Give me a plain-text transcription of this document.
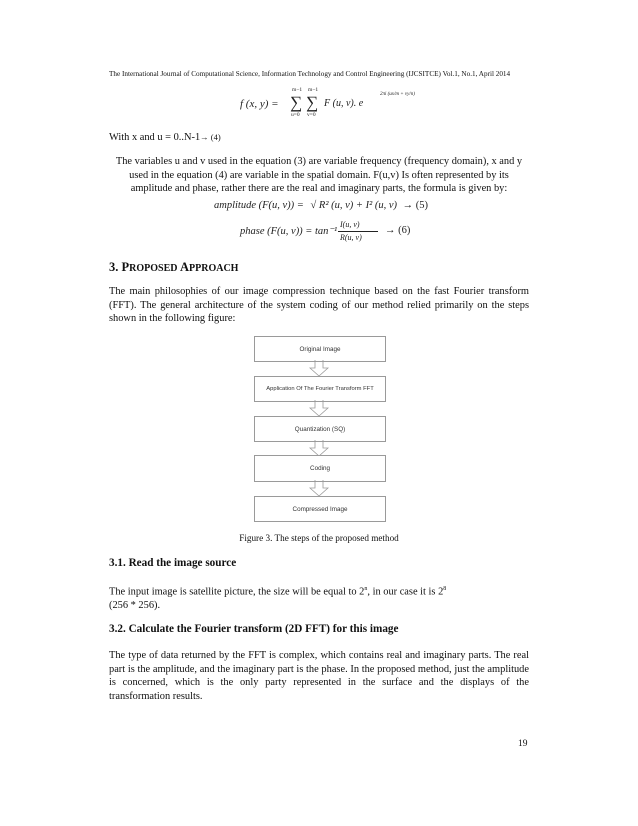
The International Journal of Computational Science, Information Technology and Control Engineering (IJCSITCE) Vol.1, No.1, April 2014
f (x, y) =
m−1
∑
u=0
m−1
∑
v=0
F (u, v). e
2πi (ux/m + vy/n)
With x and u = 0..N-1→ (4)
The variables u and v used in the equation (3) are variable frequency (frequency domain), x and y used in the equation (4) are variable in the spatial domain. F(u,v) Is often represented by its amplitude and phase, rather there are the real and imaginary parts, the formula is given by:
amplitude (F(u, v)) = √ R² (u, v) + I² (u, v) → (5)
phase (F(u, v)) = tan⁻¹
I(u, v)
R(u, v)
→ (6)
3. PROPOSED APPROACH
The main philosophies of our image compression technique based on the fast Fourier transform (FFT). The general architecture of the system coding of our method relied primarily on the steps shown in the following figure:
Original Image
Application Of The Fourier Transform FFT
Quantization (SQ)
Coding
Compressed Image
Figure 3. The steps of the proposed method
3.1. Read the image source
The input image is satellite picture, the size will be equal to 2$^n$, in our case it is $2^8$
(256 * 256).
3.2. Calculate the Fourier transform (2D FFT) for this image
The type of data returned by the FFT is complex, which contains real and imaginary parts. The real part is the amplitude, and the imaginary part is the phase. In the proposed method, just the amplitude is concerned, which is the only party represented in the surface and the displays of the transformation results.
19
